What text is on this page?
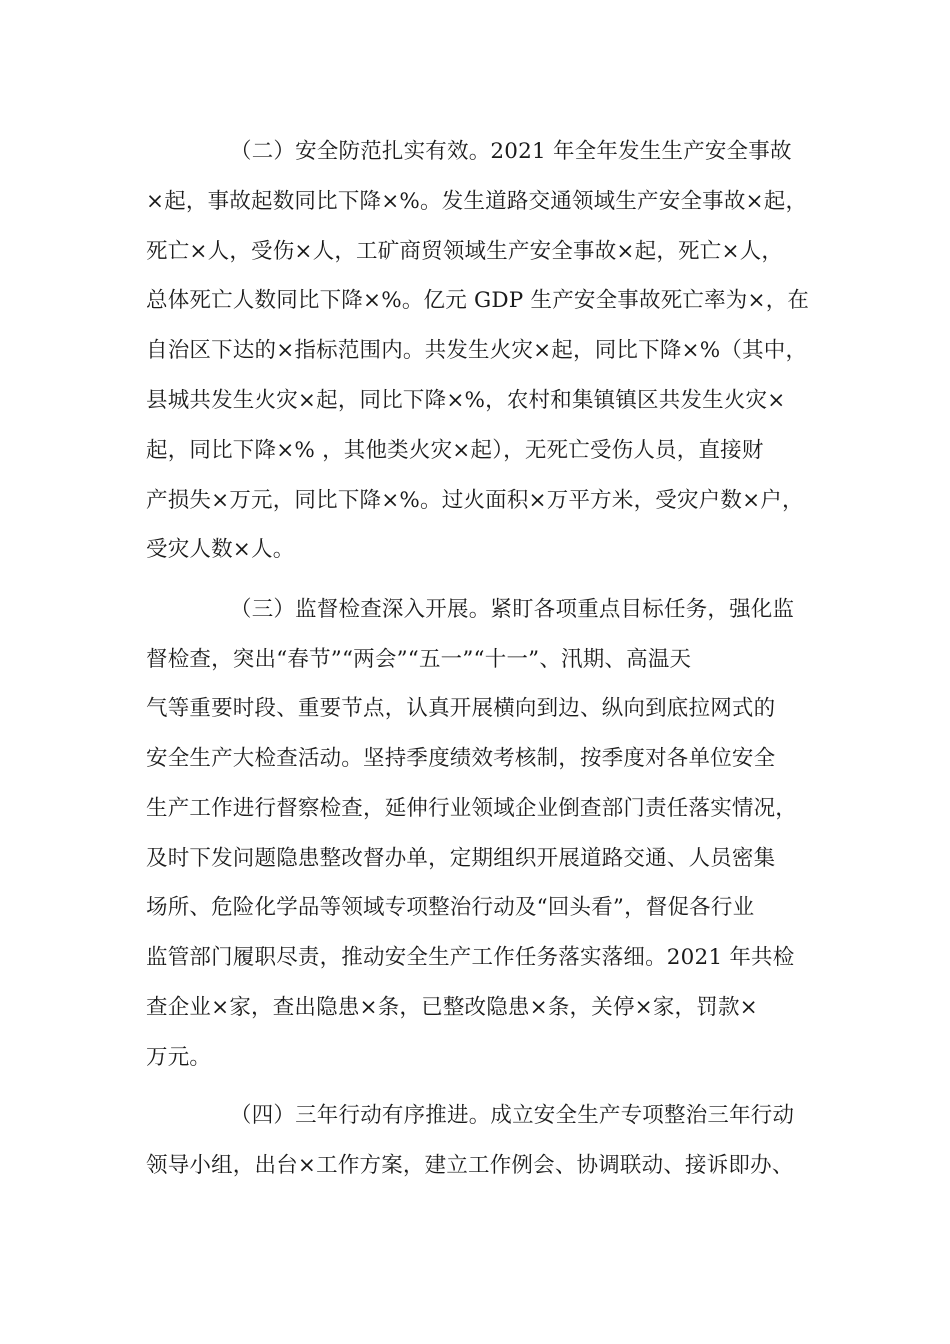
（二）安全防范扎实有效。2021 年全年发生生产安全事故
×起，事故起数同比下降×%。发生道路交通领域生产安全事故×起，
死亡×人，受伤×人，工矿商贸领域生产安全事故×起，死亡×人，
总体死亡人数同比下降×%。亿元 GDP 生产安全事故死亡率为×，在
自治区下达的×指标范围内。共发生火灾×起，同比下降×%（其中，
县城共发生火灾×起，同比下降×%，农村和集镇镇区共发生火灾×
起，同比下降×% ，其他类火灾×起），无死亡受伤人员，直接财
产损失×万元，同比下降×%。过火面积×万平方米，受灾户数×户，
受灾人数×人。
（三）监督检查深入开展。紧盯各项重点目标任务，强化监
督检查，突出“春节”“两会”“五一”“十一”、汛期、高温天
气等重要时段、重要节点，认真开展横向到边、纵向到底拉网式的
安全生产大检查活动。坚持季度绩效考核制，按季度对各单位安全
生产工作进行督察检查，延伸行业领域企业倒查部门责任落实情况，
及时下发问题隐患整改督办单，定期组织开展道路交通、人员密集
场所、危险化学品等领域专项整治行动及“回头看”，督促各行业
监管部门履职尽责，推动安全生产工作任务落实落细。2021 年共检
查企业×家，查出隐患×条，已整改隐患×条，关停×家，罚款×
万元。
（四）三年行动有序推进。成立安全生产专项整治三年行动
领导小组，出台×工作方案，建立工作例会、协调联动、接诉即办、
